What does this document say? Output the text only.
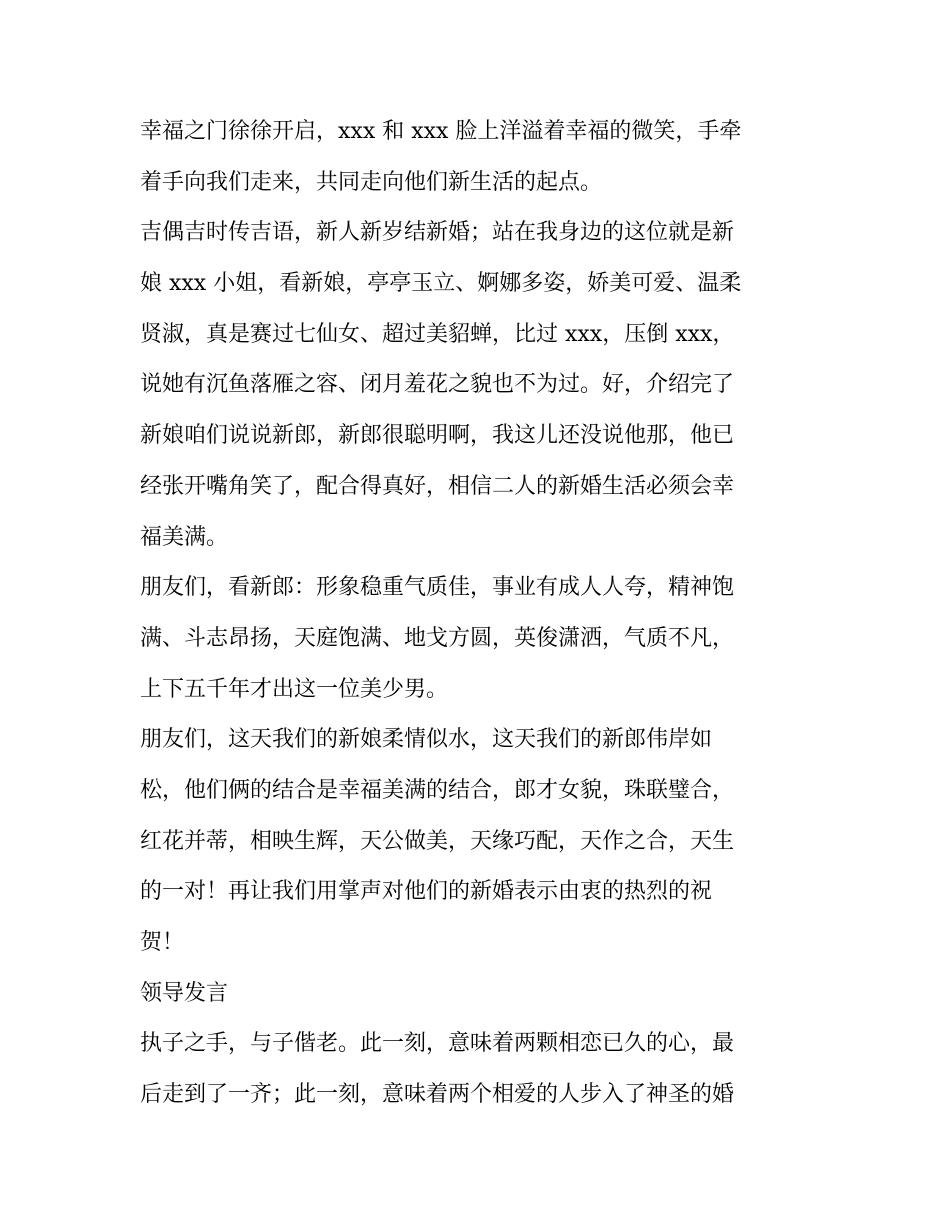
幸福之门徐徐开启，xxx 和 xxx 脸上洋溢着幸福的微笑，手牵
着手向我们走来，共同走向他们新生活的起点。
吉偶吉时传吉语，新人新岁结新婚；站在我身边的这位就是新
娘 xxx 小姐，看新娘，亭亭玉立、婀娜多姿，娇美可爱、温柔
贤淑，真是赛过七仙女、超过美貂蝉，比过 xxx，压倒 xxx，
说她有沉鱼落雁之容、闭月羞花之貌也不为过。好，介绍完了
新娘咱们说说新郎，新郎很聪明啊，我这儿还没说他那，他已
经张开嘴角笑了，配合得真好，相信二人的新婚生活必须会幸
福美满。
朋友们，看新郎：形象稳重气质佳，事业有成人人夸，精神饱
满、斗志昂扬，天庭饱满、地戈方圆，英俊潇洒，气质不凡，
上下五千年才出这一位美少男。
朋友们，这天我们的新娘柔情似水，这天我们的新郎伟岸如
松，他们俩的结合是幸福美满的结合，郎才女貌，珠联璧合，
红花并蒂，相映生辉，天公做美，天缘巧配，天作之合，天生
的一对！再让我们用掌声对他们的新婚表示由衷的热烈的祝
贺！
领导发言
执子之手，与子偕老。此一刻，意味着两颗相恋已久的心，最
后走到了一齐；此一刻，意味着两个相爱的人步入了神圣的婚
